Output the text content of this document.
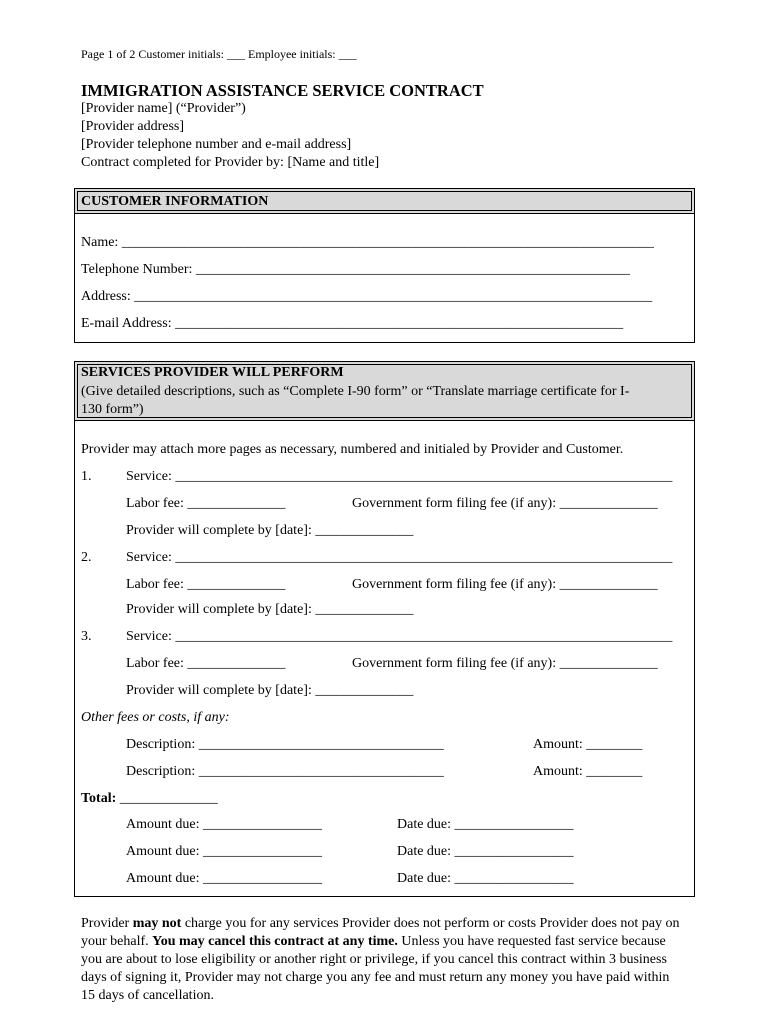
Page 1 of 2 Customer initials: ___ Employee initials: ___
IMMIGRATION ASSISTANCE SERVICE CONTRACT
[Provider name] (“Provider”)
[Provider address]
[Provider telephone number and e-mail address]
Contract completed for Provider by: [Name and title]
CUSTOMER INFORMATION
Name: ____________________________________________________________________________
Telephone Number: ______________________________________________________________
Address: __________________________________________________________________________
E-mail Address: ________________________________________________________________
SERVICES PROVIDER WILL PERFORM
(Give detailed descriptions, such as “Complete I-90 form” or “Translate marriage certificate for I-
130 form”)
Provider may attach more pages as necessary, numbered and initialed by Provider and Customer.
1. Service: _______________________________________________________________________
Labor fee: ______________	Government form filing fee (if any): ______________
Provider will complete by [date]: ______________
2. Service: _______________________________________________________________________
Labor fee: ______________	Government form filing fee (if any): ______________
Provider will complete by [date]: ______________
3. Service: _______________________________________________________________________
Labor fee: ______________	Government form filing fee (if any): ______________
Provider will complete by [date]: ______________
Other fees or costs, if any:
Description: ___________________________________	Amount: ________
Description: ___________________________________	Amount: ________
Total: ______________
Amount due: _________________	Date due: _________________
Amount due: _________________	Date due: _________________
Amount due: _________________	Date due: _________________
Provider may not charge you for any services Provider does not perform or costs Provider does not pay on your behalf. You may cancel this contract at any time. Unless you have requested fast service because you are about to lose eligibility or another right or privilege, if you cancel this contract within 3 business days of signing it, Provider may not charge you any fee and must return any money you have paid within 15 days of cancellation.
